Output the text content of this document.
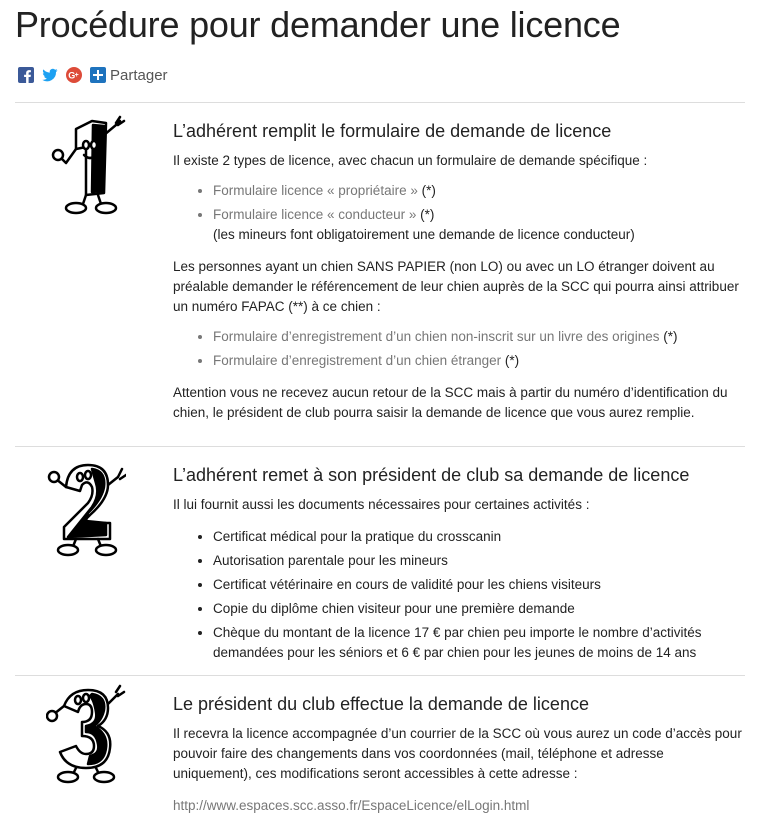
Procédure pour demander une licence
G + Partager
L’adhérent remplit le formulaire de demande de licence

Il existe 2 types de licence, avec chacun un formulaire de demande spécifique :

• Formulaire licence « propriétaire » (*)
• Formulaire licence « conducteur » (*)
(les mineurs font obligatoirement une demande de licence conducteur)

Les personnes ayant un chien SANS PAPIER (non LO) ou avec un LO étranger doivent au préalable demander le référencement de leur chien auprès de la SCC qui pourra ainsi attribuer un numéro FAPAC (**) à ce chien :

• Formulaire d’enregistrement d’un chien non-inscrit sur un livre des origines (*)
• Formulaire d’enregistrement d’un chien étranger (*)

Attention vous ne recevez aucun retour de la SCC mais à partir du numéro d’identification du chien, le président de club pourra saisir la demande de licence que vous aurez remplie.

L’adhérent remet à son président de club sa demande de licence

Il lui fournit aussi les documents nécessaires pour certaines activités :

• Certificat médical pour la pratique du crosscanin
• Autorisation parentale pour les mineurs
• Certificat vétérinaire en cours de validité pour les chiens visiteurs
• Copie du diplôme chien visiteur pour une première demande
• Chèque du montant de la licence 17 € par chien peu importe le nombre d’activités demandées pour les séniors et 6 € par chien pour les jeunes de moins de 14 ans
Le président du club effectue la demande de licence

Il recevra la licence accompagnée d’un courrier de la SCC où vous aurez un code d’accès pour pouvoir faire des changements dans vos coordonnées (mail, téléphone et adresse uniquement), ces modifications seront accessibles à cette adresse :

http://www.espaces.scc.asso.fr/EspaceLicence/elLogin.html
